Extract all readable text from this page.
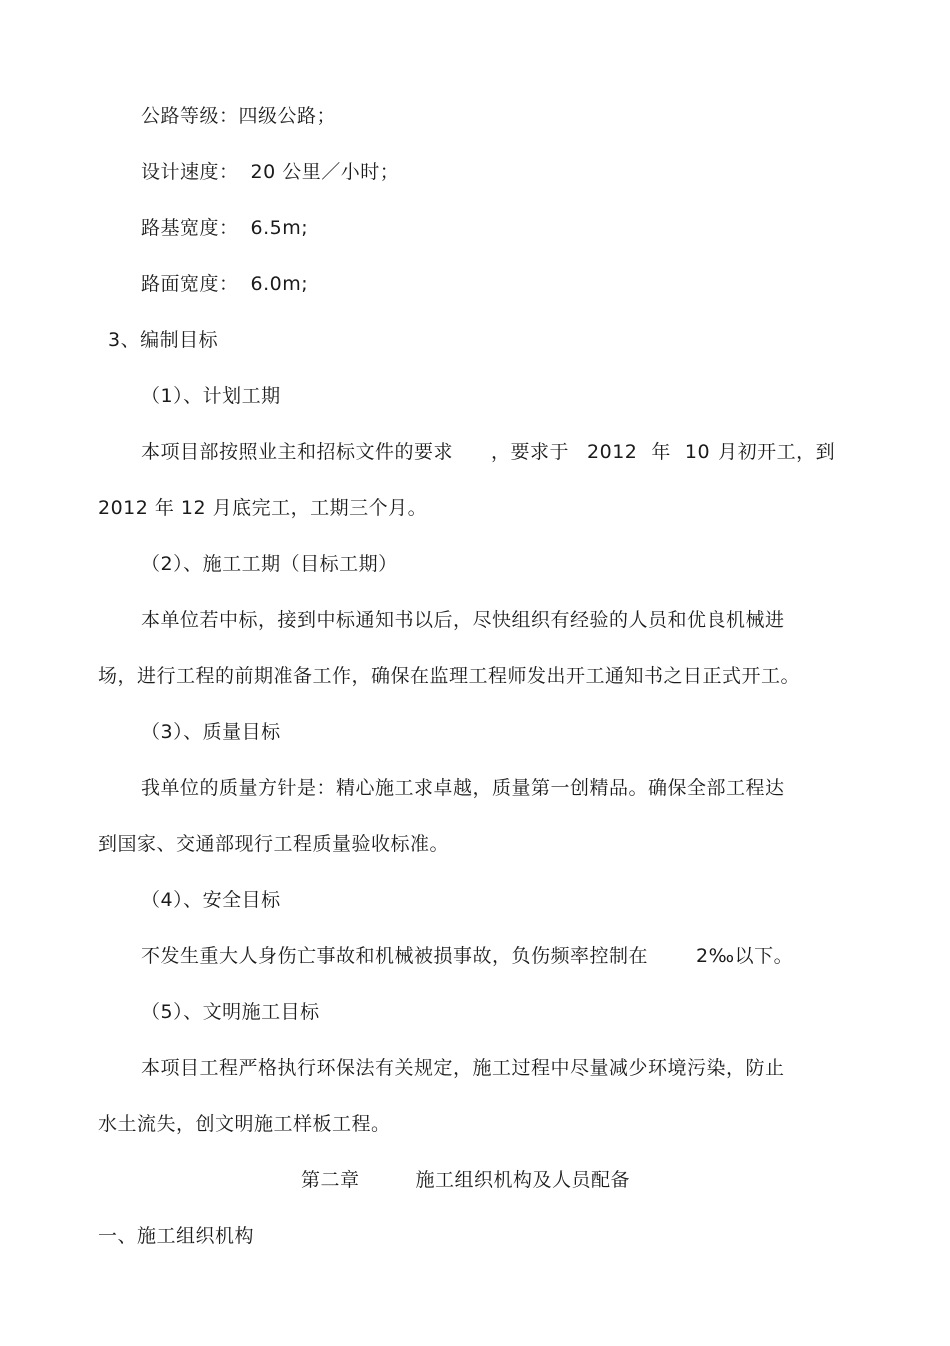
公路等级：四级公路；
设计速度： 20 公里／小时；
路基宽度： 6.5m;
路面宽度： 6.0m;
3、编制目标
（1）、计划工期
本项目部按照业主和招标文件的要求 ，要求于 2012 年 10 月初开工，到
2012 年 12 月底完工，工期三个月。
（2）、施工工期（目标工期）
本单位若中标，接到中标通知书以后，尽快组织有经验的人员和优良机械进
场，进行工程的前期准备工作，确保在监理工程师发出开工通知书之日正式开工。
（3）、质量目标
我单位的质量方针是：精心施工求卓越，质量第一创精品。确保全部工程达
到国家、交通部现行工程质量验收标准。
（4）、安全目标
不发生重大人身伤亡事故和机械被损事故，负伤频率控制在	2‰以下。
（5）、文明施工目标
本项目工程严格执行环保法有关规定，施工过程中尽量减少环境污染，防止
水土流失，创文明施工样板工程。
第二章	施工组织机构及人员配备
一、施工组织机构
